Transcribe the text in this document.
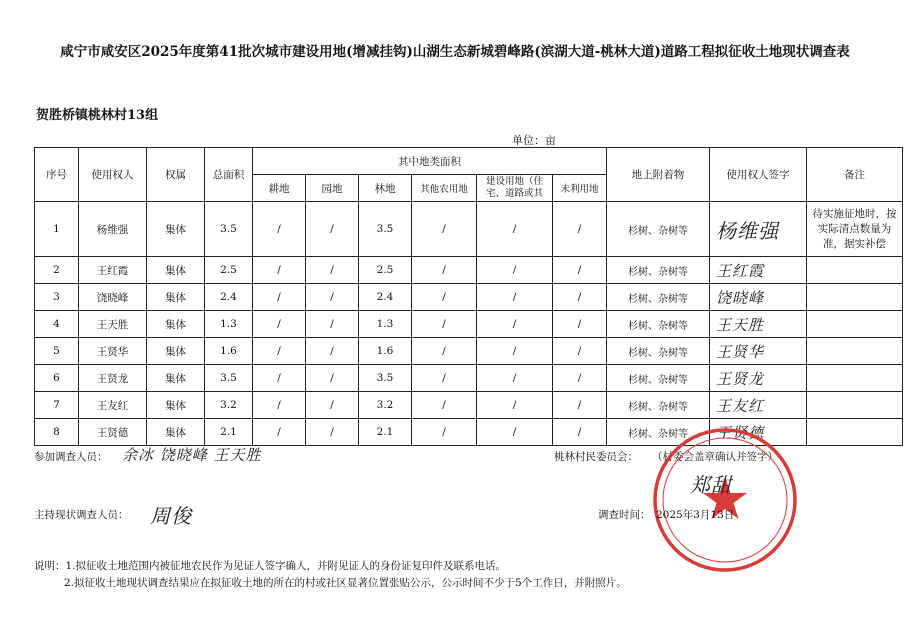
咸宁市咸安区2025年度第41批次城市建设用地(增减挂钩)山湖生态新城碧峰路(滨湖大道-桃林大道)道路工程拟征收土地现状调查表
贺胜桥镇桃林村13组
单位：亩
序号	使用权人	权属	总面积	其中地类面积						地上附着物	使用权人签字	备注
				耕地	园地	林地	其他农用地	建设用地（住宅、道路或其	未利用地			
1	杨维强	集体	3.5	/	/	3.5	/	/	/	杉树、杂树等	杨维强	待实施征地时，按实际清点数量为准，据实补偿
2	王红霞	集体	2.5	/	/	2.5	/	/	/	杉树、杂树等	王红霞	
3	饶晓峰	集体	2.4	/	/	2.4	/	/	/	杉树、杂树等	饶晓峰	
4	王天胜	集体	1.3	/	/	1.3	/	/	/	杉树、杂树等	王天胜	
5	王贤华	集体	1.6	/	/	1.6	/	/	/	杉树、杂树等	王贤华	
6	王贤龙	集体	3.5	/	/	3.5	/	/	/	杉树、杂树等	王贤龙	
7	王友红	集体	3.2	/	/	3.2	/	/	/	杉树、杂树等	王友红	
8	王贤德	集体	2.1	/	/	2.1	/	/	/	杉树、杂树等	王贤德	
参加调查人员： 余冰 饶晓峰 王天胜	桃林村民委员会： （村委会盖章确认并签字）
主持现状调查人员： 周俊
郑甜
调查时间： 2025年3月13日
说明：1.拟征收土地范围内被征地农民作为见证人签字确人，并附见证人的身份证复印件及联系电话。
2.拟征收土地现状调查结果应在拟征收土地的所在的村或社区显著位置张贴公示，公示时间不少于5个工作日，并附照片。
